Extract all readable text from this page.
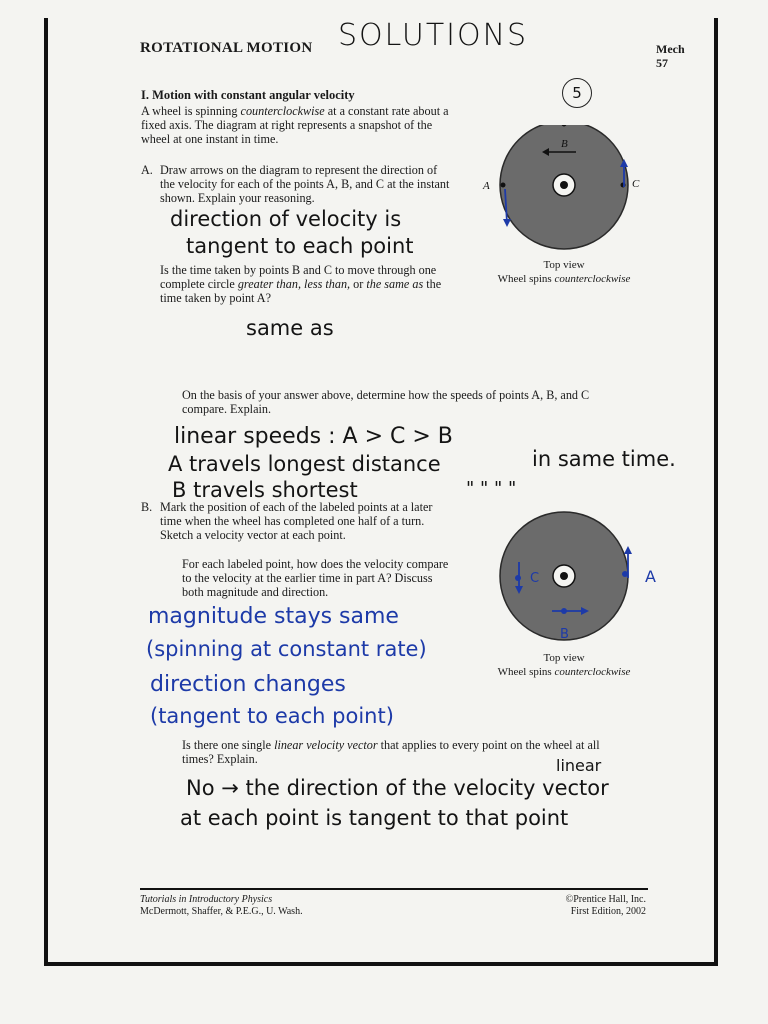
ROTATIONAL MOTION SOLUTIONS	Mech
57
5
I. Motion with constant angular velocity
A wheel is spinning counterclockwise at a constant rate about a
fixed axis. The diagram at right represents a snapshot of the
wheel at one instant in time.
A. Draw arrows on the diagram to represent the direction of
the velocity for each of the points A, B, and C at the instant
shown. Explain your reasoning.
direction of velocity is
tangent to each point
Is the time taken by points B and C to move through one
complete circle greater than, less than, or the same as the
time taken by point A?
same as
B
A	C
Top view
Wheel spins counterclockwise
On the basis of your answer above, determine how the speeds of points A, B, and C
compare. Explain.
linear speeds : A > C > B
A travels longest distance	in same time.
B travels shortest	" " " "
B. Mark the position of each of the labeled points at a later
time when the wheel has completed one half of a turn.
Sketch a velocity vector at each point.
For each labeled point, how does the velocity compare
to the velocity at the earlier time in part A? Discuss
both magnitude and direction.
C
B
A
Top view
Wheel spins counterclockwise
magnitude stays same
(spinning at constant rate)
direction changes
(tangent to each point)
Is there one single linear velocity vector that applies to every point on the wheel at all
times? Explain.	linear
No → the direction of the velocity vector
at each point is tangent to that point
Tutorials in Introductory Physics
McDermott, Shaffer, & P.E.G., U. Wash.
©Prentice Hall, Inc.
First Edition, 2002
